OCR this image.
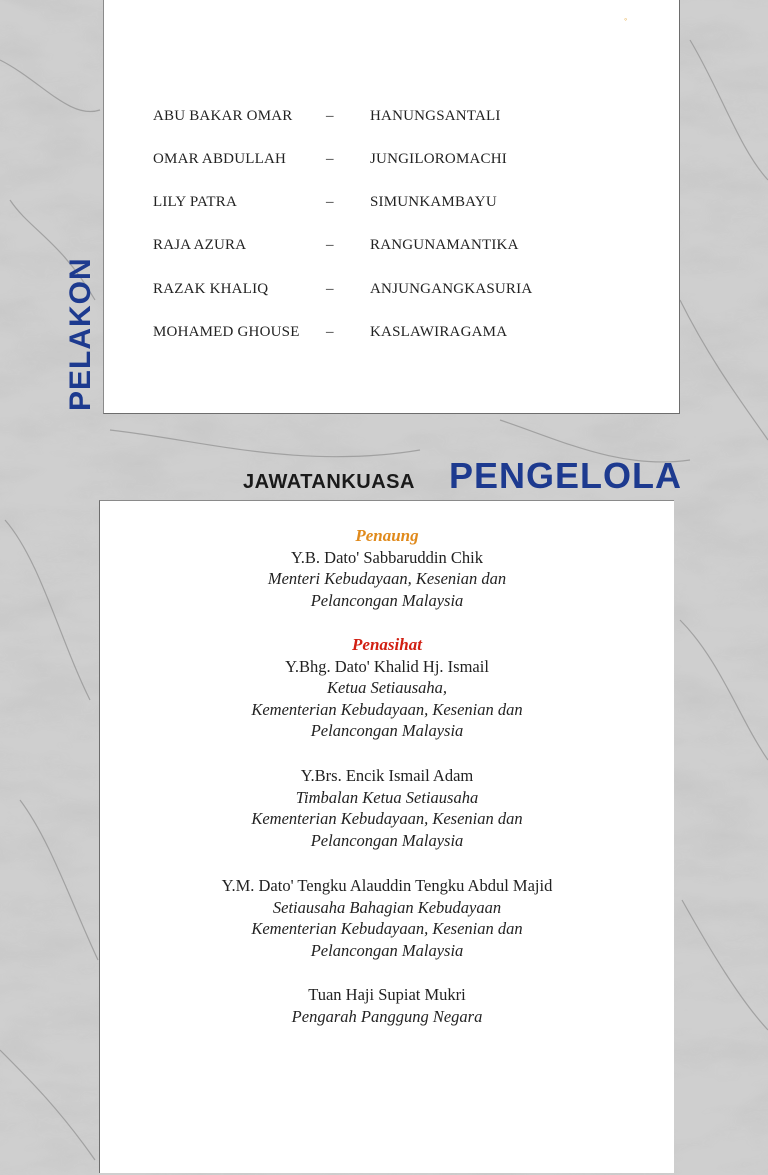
ABU BAKAR OMAR – HANUNGSANTALI
OMAR ABDULLAH	– JUNGILOROMACHI
LILY PATRA	– SIMUNKAMBAYU
RAJA AZURA	– RANGUNAMANTIKA
RAZAK KHALIQ	– ANJUNGANGKASURIA
MOHAMED GHOUSE – KASLAWIRAGAMA
◦
PELAKON
JAWATANKUASA PENGELOLA
Penaung
Y.B. Dato' Sabbaruddin Chik
Menteri Kebudayaan, Kesenian dan
Pelancongan Malaysia
Penasihat
Y.Bhg. Dato' Khalid Hj. Ismail
Ketua Setiausaha,
Kementerian Kebudayaan, Kesenian dan
Pelancongan Malaysia
Y.Brs. Encik Ismail Adam
Timbalan Ketua Setiausaha
Kementerian Kebudayaan, Kesenian dan
Pelancongan Malaysia
Y.M. Dato' Tengku Alauddin Tengku Abdul Majid
Setiausaha Bahagian Kebudayaan
Kementerian Kebudayaan, Kesenian dan
Pelancongan Malaysia
Tuan Haji Supiat Mukri
Pengarah Panggung Negara
